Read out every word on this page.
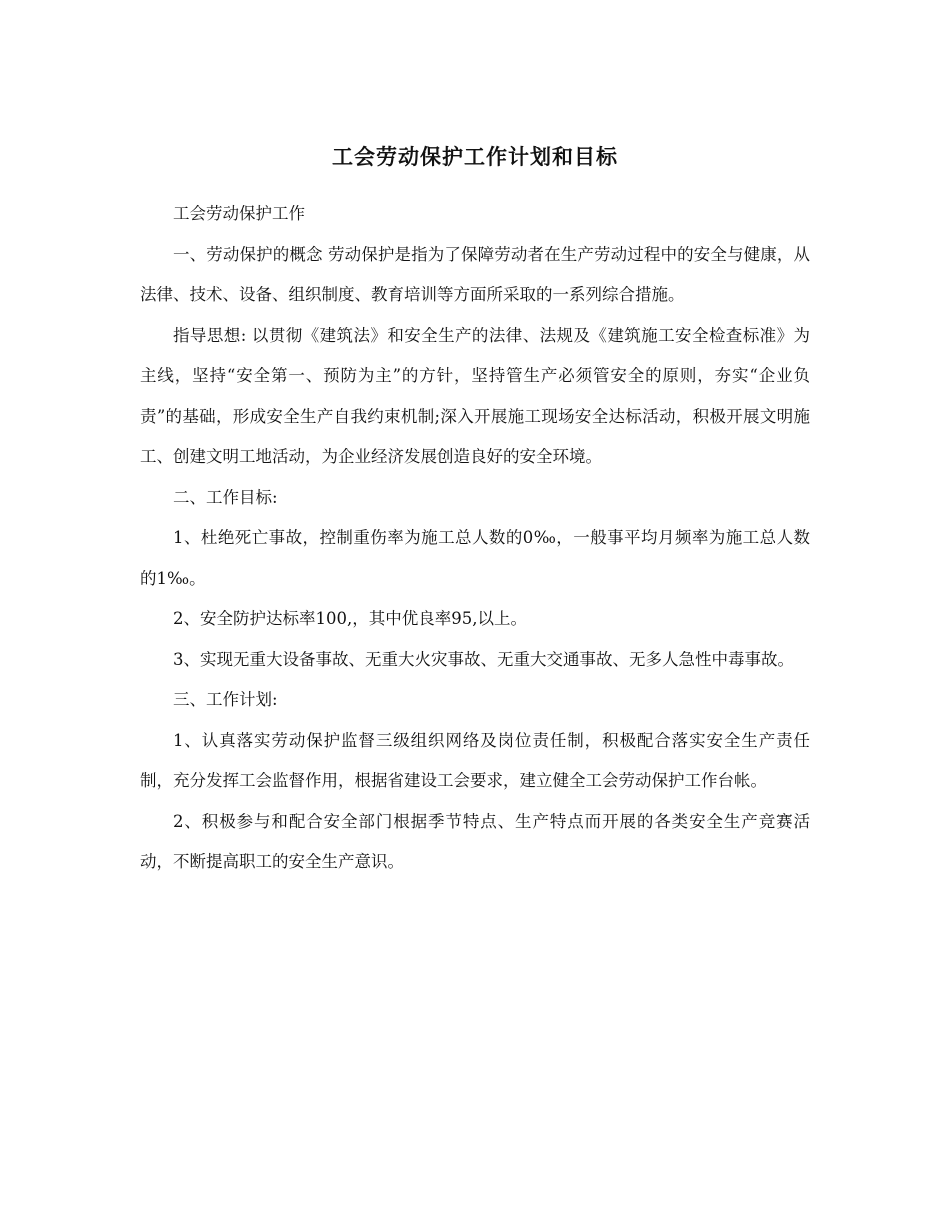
工会劳动保护工作计划和目标

工会劳动保护工作

一、劳动保护的概念 劳动保护是指为了保障劳动者在生产劳动过程中的安全与健康，从法律、技术、设备、组织制度、教育培训等方面所采取的一系列综合措施。

指导思想: 以贯彻《建筑法》和安全生产的法律、法规及《建筑施工安全检查标准》为主线，坚持“安全第一、预防为主”的方针，坚持管生产必须管安全的原则，夯实“企业负责”的基础，形成安全生产自我约束机制;深入开展施工现场安全达标活动，积极开展文明施工、创建文明工地活动，为企业经济发展创造良好的安全环境。

二、工作目标:

1、杜绝死亡事故，控制重伤率为施工总人数的0‰，一般事平均月频率为施工总人数的1‰。

2、安全防护达标率100,，其中优良率95,以上。

3、实现无重大设备事故、无重大火灾事故、无重大交通事故、无多人急性中毒事故。

三、工作计划:

1、认真落实劳动保护监督三级组织网络及岗位责任制，积极配合落实安全生产责任制，充分发挥工会监督作用，根据省建设工会要求，建立健全工会劳动保护工作台帐。

2、积极参与和配合安全部门根据季节特点、生产特点而开展的各类安全生产竞赛活动，不断提高职工的安全生产意识。
